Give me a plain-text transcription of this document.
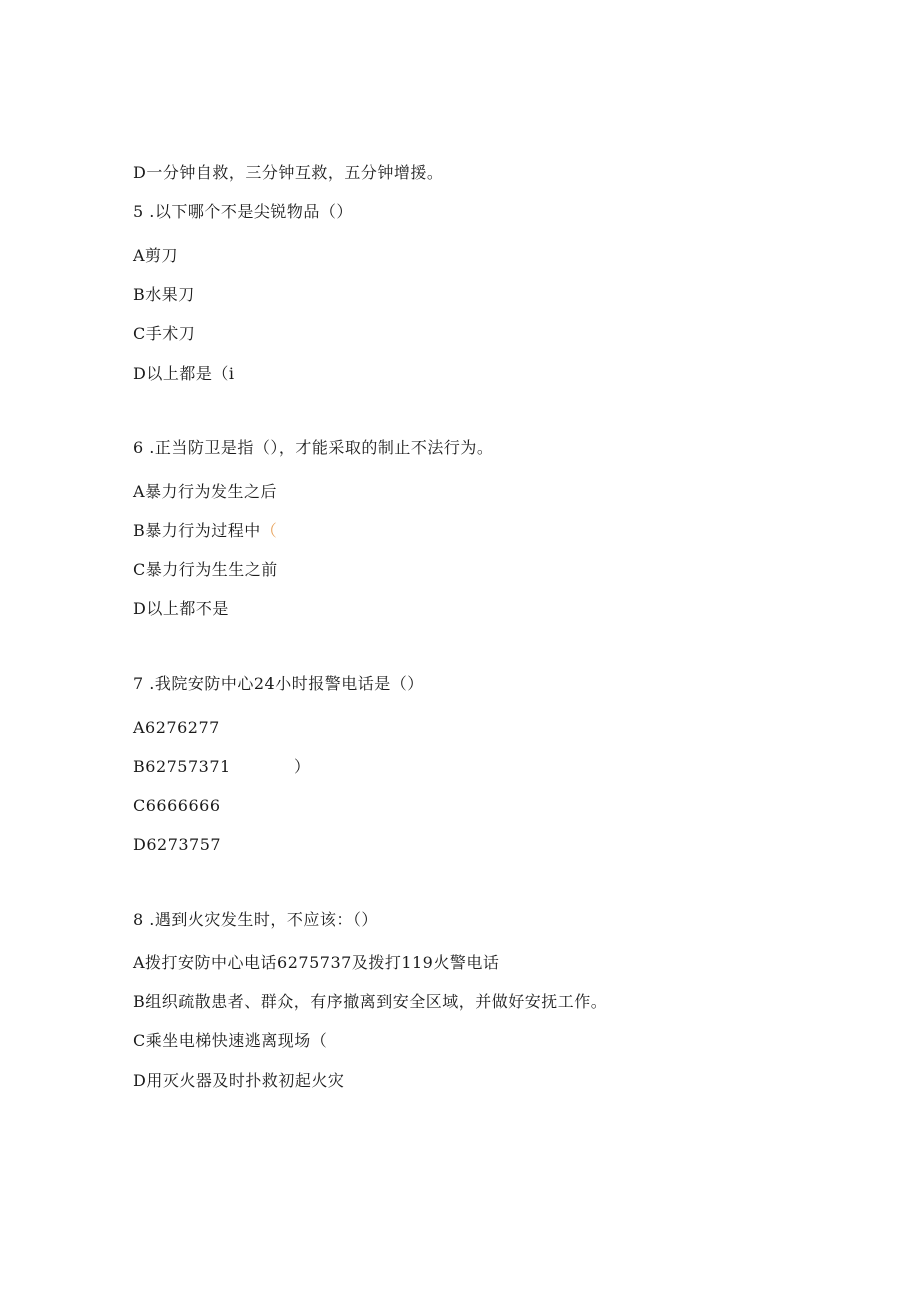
D一分钟自救，三分钟互救，五分钟增援。
5 .以下哪个不是尖锐物品（）
A剪刀
B水果刀
C手术刀
D以上都是（i
6 .正当防卫是指（），才能采取的制止不法行为。
A暴力行为发生之后
B暴力行为过程中（
C暴力行为生生之前
D以上都不是
7 .我院安防中心24小时报警电话是（）
A6276277
B62757371	）
C6666666
D6273757
8 .遇到火灾发生时，不应该：（）
A拨打安防中心电话6275737及拨打119火警电话
B组织疏散患者、群众，有序撤离到安全区域，并做好安抚工作。
C乘坐电梯快速逃离现场（
D用灭火器及时扑救初起火灾
